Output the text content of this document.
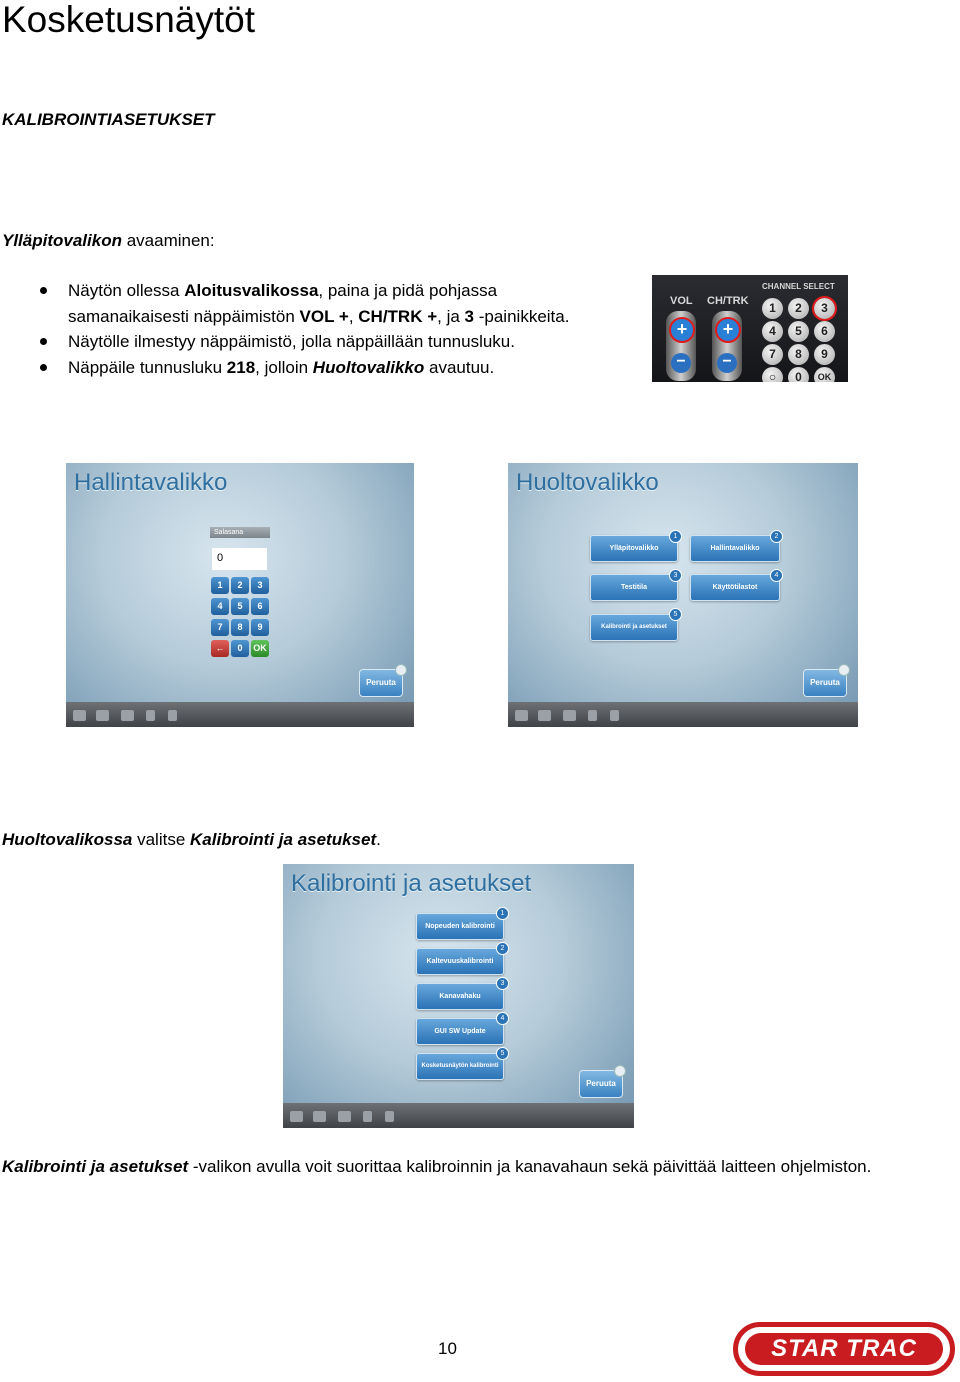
Kosketusnäytöt
KALIBROINTIASETUKSET
Ylläpitovalikon avaaminen:
Näytön ollessa Aloitusvalikossa, paina ja pidä pohjassa samanaikaisesti näppäimistön VOL +, CH/TRK +, ja 3 -painikkeita.
Näytölle ilmestyy näppäimistö, jolla näppäillään tunnusluku.
Näppäile tunnusluku 218, jolloin Huoltovalikko avautuu.
VOL CH/TRK
CHANNEL SELECT
+
−
+
−
1	2	3
4	5	6
7	8	9
○	0	OK
Hallintavalikko
Salasana
0
1	2	3
4	5	6
7	8	9
←	0	OK
Peruuta
Huoltovalikko
Ylläpitovalikko
1
Hallintavalikko
2
Testitila
3
Käyttötilastot
4
Kalibrointi ja asetukset
5
Peruuta
Huoltovalikossa valitse Kalibrointi ja asetukset.
Kalibrointi ja asetukset
Nopeuden kalibrointi
1
Kaltevuuskalibrointi
2
Kanavahaku
3
GUI SW Update
4
Kosketusnäytön kalibrointi
5
Peruuta
Kalibrointi ja asetukset -valikon avulla voit suorittaa kalibroinnin ja kanavahaun sekä päivittää laitteen ohjelmiston.
10	STAR TRAC
